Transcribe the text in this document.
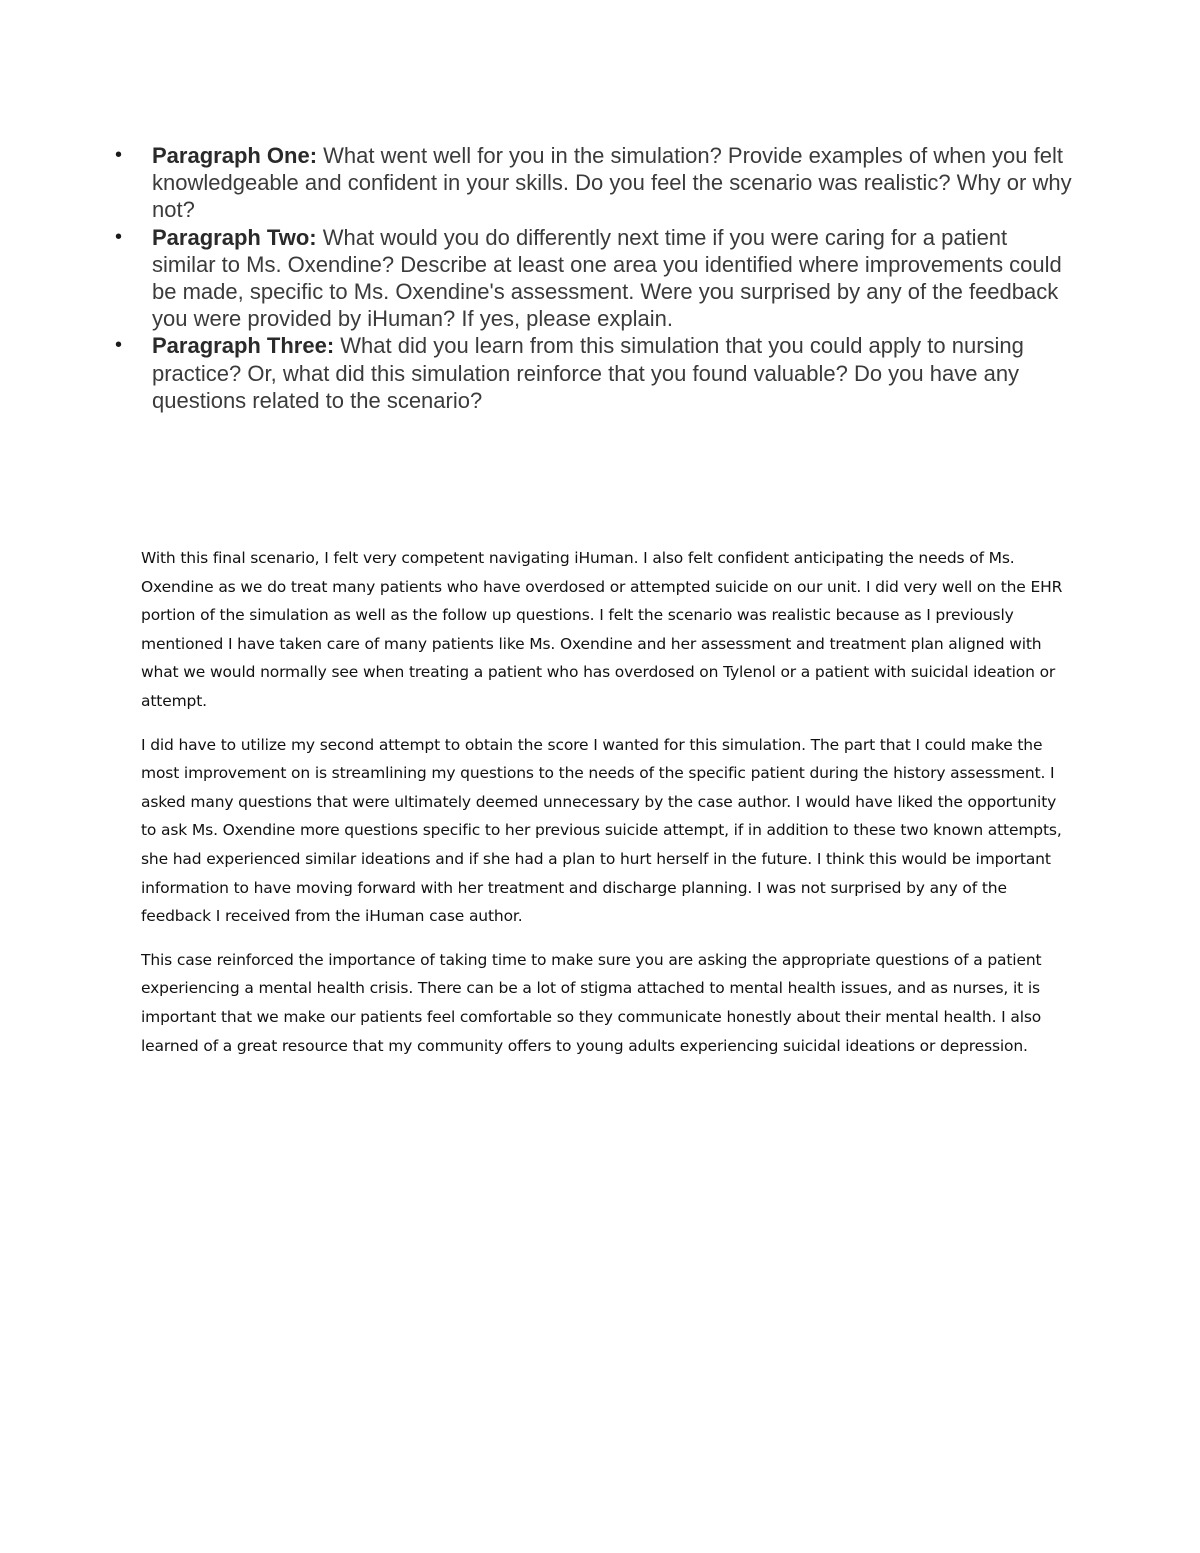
• Paragraph One: What went well for you in the simulation? Provide examples of when you felt knowledgeable and confident in your skills. Do you feel the scenario was realistic? Why or why not?
• Paragraph Two: What would you do differently next time if you were caring for a patient similar to Ms. Oxendine? Describe at least one area you identified where improvements could be made, specific to Ms. Oxendine's assessment. Were you surprised by any of the feedback you were provided by iHuman? If yes, please explain.
• Paragraph Three: What did you learn from this simulation that you could apply to nursing practice? Or, what did this simulation reinforce that you found valuable? Do you have any questions related to the scenario?

With this final scenario, I felt very competent navigating iHuman. I also felt confident anticipating the needs of Ms. Oxendine as we do treat many patients who have overdosed or attempted suicide on our unit. I did very well on the EHR portion of the simulation as well as the follow up questions. I felt the scenario was realistic because as I previously mentioned I have taken care of many patients like Ms. Oxendine and her assessment and treatment plan aligned with what we would normally see when treating a patient who has overdosed on Tylenol or a patient with suicidal ideation or attempt.

I did have to utilize my second attempt to obtain the score I wanted for this simulation. The part that I could make the most improvement on is streamlining my questions to the needs of the specific patient during the history assessment. I asked many questions that were ultimately deemed unnecessary by the case author. I would have liked the opportunity to ask Ms. Oxendine more questions specific to her previous suicide attempt, if in addition to these two known attempts, she had experienced similar ideations and if she had a plan to hurt herself in the future. I think this would be important information to have moving forward with her treatment and discharge planning. I was not surprised by any of the feedback I received from the iHuman case author.

This case reinforced the importance of taking time to make sure you are asking the appropriate questions of a patient experiencing a mental health crisis. There can be a lot of stigma attached to mental health issues, and as nurses, it is important that we make our patients feel comfortable so they communicate honestly about their mental health. I also learned of a great resource that my community offers to young adults experiencing suicidal ideations or depression.
